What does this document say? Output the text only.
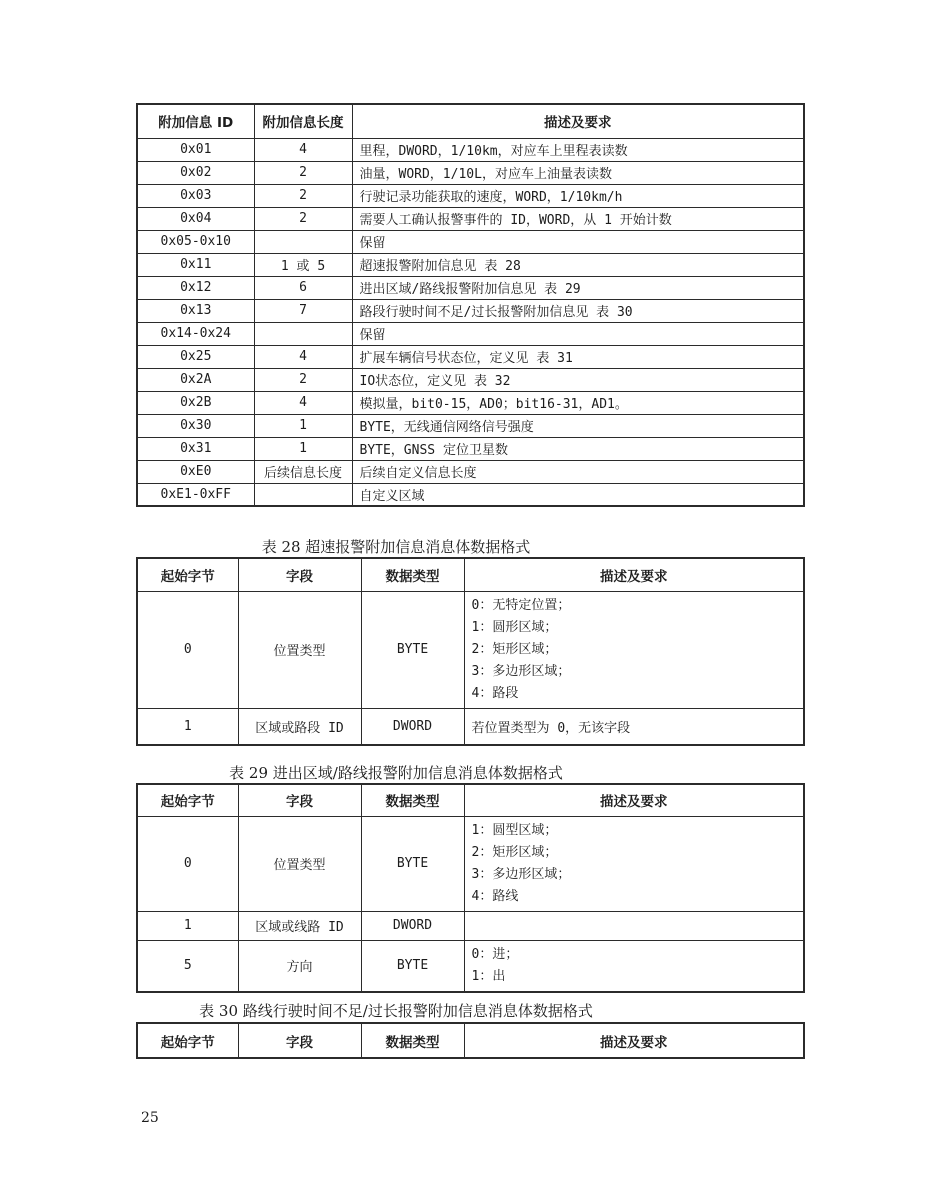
附加信息 ID	附加信息长度	描述及要求
0x01	4	里程，DWORD，1/10km，对应车上里程表读数
0x02	2	油量，WORD，1/10L，对应车上油量表读数
0x03	2	行驶记录功能获取的速度，WORD，1/10km/h
0x04	2	需要人工确认报警事件的 ID，WORD，从 1 开始计数
0x05-0x10		保留
0x11	1 或 5	超速报警附加信息见 表 28
0x12	6	进出区域/路线报警附加信息见 表 29
0x13	7	路段行驶时间不足/过长报警附加信息见 表 30
0x14-0x24		保留
0x25	4	扩展车辆信号状态位，定义见 表 31
0x2A	2	IO状态位，定义见 表 32
0x2B	4	模拟量，bit0-15，AD0；bit16-31，AD1。
0x30	1	BYTE，无线通信网络信号强度
0x31	1	BYTE，GNSS 定位卫星数
0xE0	后续信息长度	后续自定义信息长度
0xE1-0xFF		自定义区域
表 28 超速报警附加信息消息体数据格式
起始字节	字段	数据类型	描述及要求
0	位置类型	BYTE	0：无特定位置；
1：圆形区域；
2：矩形区域；
3：多边形区域；
4：路段

1	区域或路段 ID	DWORD	若位置类型为 0，无该字段
表 29 进出区域/路线报警附加信息消息体数据格式
起始字节	字段	数据类型	描述及要求
0	位置类型	BYTE	1：圆型区域；
2：矩形区域；
3：多边形区域；
4：路线

1	区域或线路 ID	DWORD	
5	方向	BYTE	0：进；
1：出
表 30 路线行驶时间不足/过长报警附加信息消息体数据格式
起始字节	字段	数据类型	描述及要求
25
